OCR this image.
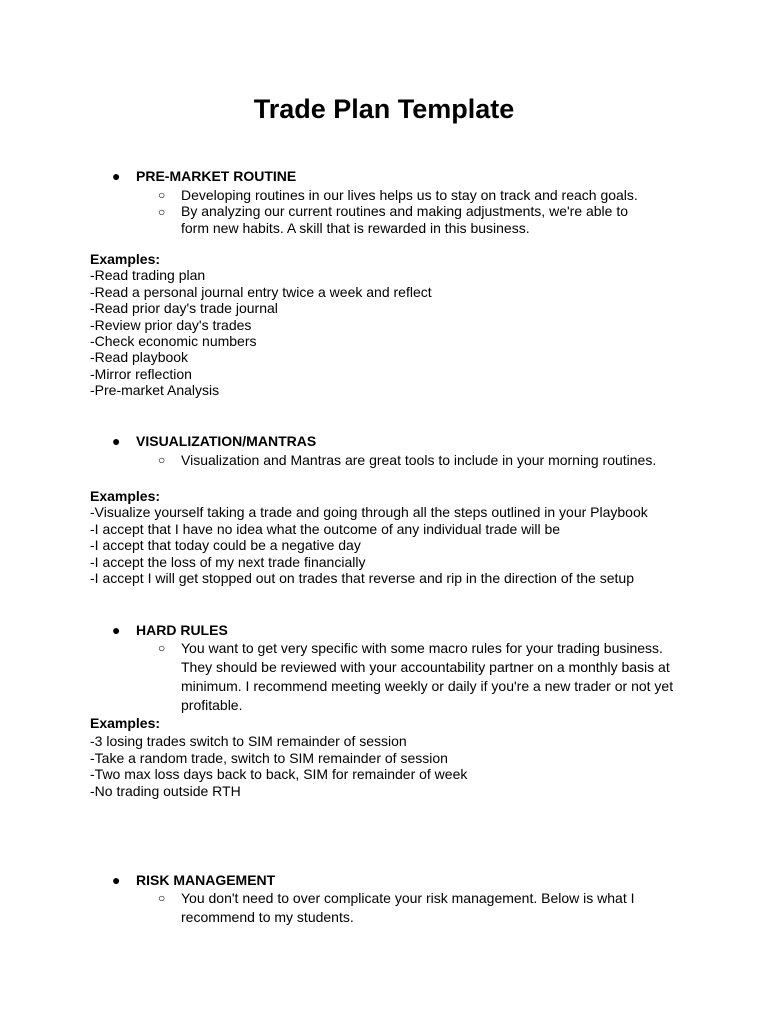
Trade Plan Template
● PRE-MARKET ROUTINE
○ Developing routines in our lives helps us to stay on track and reach goals.
○ By analyzing our current routines and making adjustments, we're able to form new habits. A skill that is rewarded in this business.
Examples:
-Read trading plan
-Read a personal journal entry twice a week and reflect
-Read prior day's trade journal
-Review prior day's trades
-Check economic numbers
-Read playbook
-Mirror reflection
-Pre-market Analysis
● VISUALIZATION/MANTRAS
○ Visualization and Mantras are great tools to include in your morning routines.
Examples:
-Visualize yourself taking a trade and going through all the steps outlined in your Playbook
-I accept that I have no idea what the outcome of any individual trade will be
-I accept that today could be a negative day
-I accept the loss of my next trade financially
-I accept I will get stopped out on trades that reverse and rip in the direction of the setup
● HARD RULES
○ You want to get very specific with some macro rules for your trading business. They should be reviewed with your accountability partner on a monthly basis at minimum. I recommend meeting weekly or daily if you're a new trader or not yet profitable.
Examples:
-3 losing trades switch to SIM remainder of session
-Take a random trade, switch to SIM remainder of session
-Two max loss days back to back, SIM for remainder of week
-No trading outside RTH
● RISK MANAGEMENT
○ You don't need to over complicate your risk management. Below is what I recommend to my students.
